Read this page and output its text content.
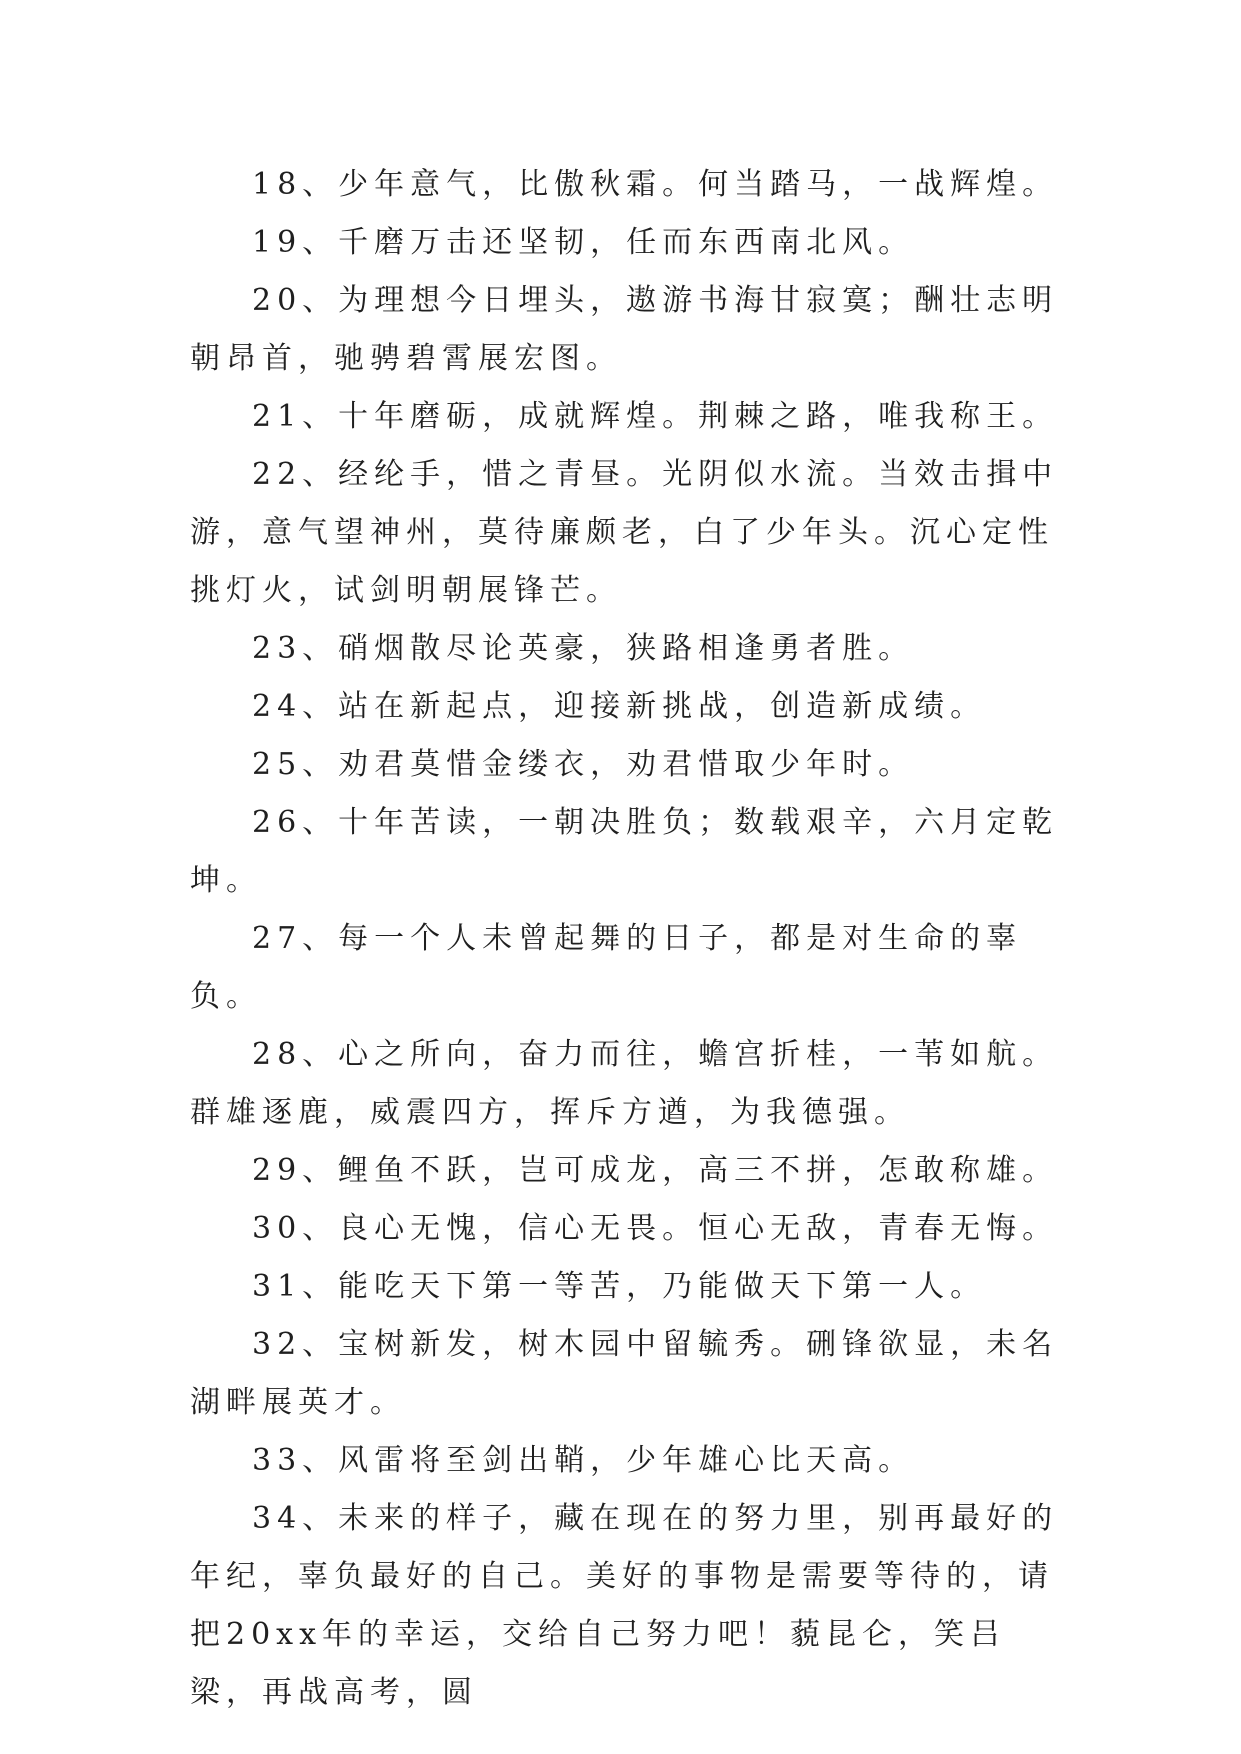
18、少年意气，比傲秋霜。何当踏马，一战辉煌。

19、千磨万击还坚韧，任而东西南北风。

20、为理想今日埋头，遨游书海甘寂寞；酬壮志明朝昂首，驰骋碧霄展宏图。

21、十年磨砺，成就辉煌。荆棘之路，唯我称王。

22、经纶手，惜之青昼。光阴似水流。当效击揖中游，意气望神州，莫待廉颇老，白了少年头。沉心定性挑灯火，试剑明朝展锋芒。

23、硝烟散尽论英豪，狭路相逢勇者胜。

24、站在新起点，迎接新挑战，创造新成绩。

25、劝君莫惜金缕衣，劝君惜取少年时。

26、十年苦读，一朝决胜负；数载艰辛，六月定乾坤。

27、每一个人未曾起舞的日子，都是对生命的辜负。

28、心之所向，奋力而往，蟾宫折桂，一苇如航。群雄逐鹿，威震四方，挥斥方遒，为我德强。

29、鲤鱼不跃，岂可成龙，高三不拼，怎敢称雄。

30、良心无愧，信心无畏。恒心无敌，青春无悔。

31、能吃天下第一等苦，乃能做天下第一人。

32、宝树新发，树木园中留毓秀。硎锋欲显，未名湖畔展英才。

33、风雷将至剑出鞘，少年雄心比天高。

34、未来的样子，藏在现在的努力里，别再最好的年纪，辜负最好的自己。美好的事物是需要等待的，请把20xx年的幸运，交给自己努力吧！藐昆仑，笑吕梁，再战高考，圆
